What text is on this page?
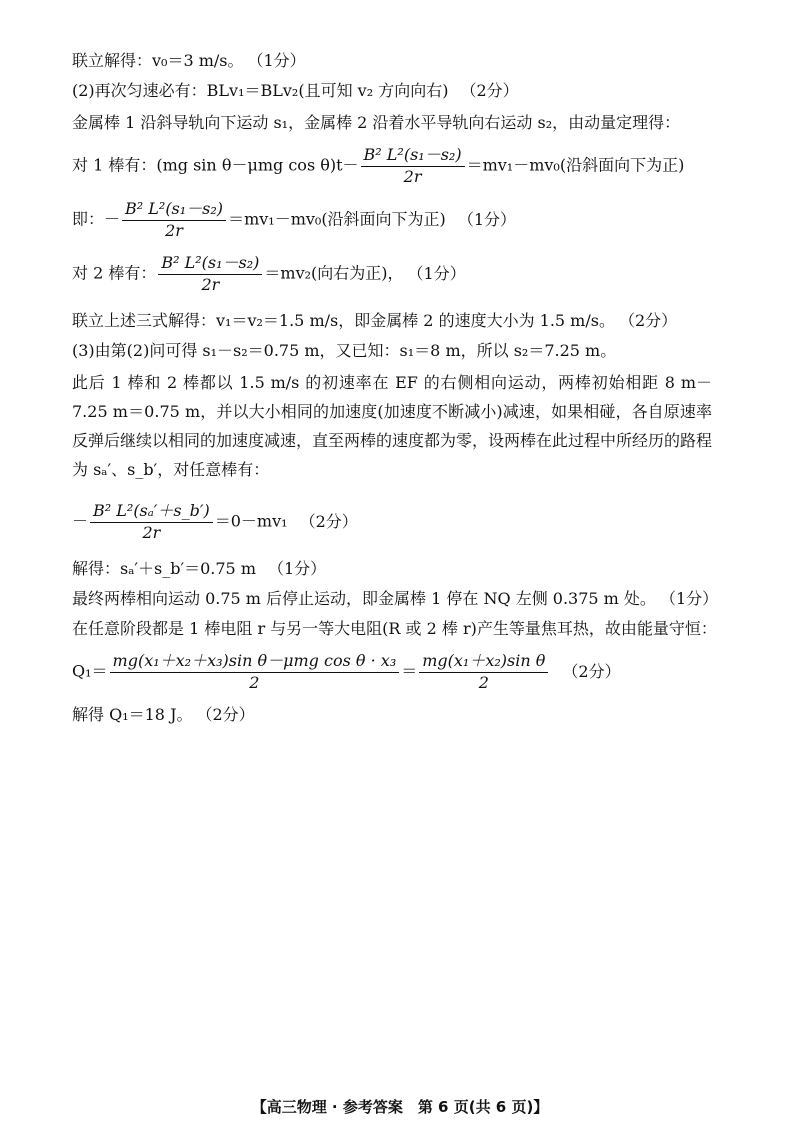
联立解得：v₀＝3 m/s。 （1分）
(2)再次匀速必有：BLv₁＝BLv₂(且可知 v₂ 方向向右) （2分）
金属棒 1 沿斜导轨向下运动 s₁，金属棒 2 沿着水平导轨向右运动 s₂，由动量定理得：
对 1 棒有：(mg sin θ－μmg $\cos \theta)t- \frac{\text{B² L²(s₁－s₂)}}{2r} =mv_1-mv_0$(沿斜面向下为正)
即：－ $\frac{\text{B² L²(s₁－s₂)}}{2r} =mv_1-mv_0$(沿斜面向下为正) （1分）
对 2 棒有： $\frac{\text{B² L²(s₁－s₂)}}{2r} =mv_2$(向右为正)， （1分）
联立上述三式解得：v₁＝v₂＝1.5 m/s，即金属棒 2 的速度大小为 1.5 m/s。 （2分）
(3)由第(2)问可得 s₁－s₂＝0.75 m，又已知：s₁＝8 m，所以 s₂＝7.25 m。
此后 1 棒和 2 棒都以 1.5 m/s 的初速率在 EF 的右侧相向运动，两棒初始相距 8 m－7.25 m＝0.75 m，并以大小相同的加速度(加速度不断减小)减速，如果相碰，各自原速率反弹后继续以相同的加速度减速，直至两棒的速度都为零，设两棒在此过程中所经历的路程为 sₐ′、s_b′，对任意棒有：
－ $\frac{\text{B² L²(sₐ′＋s\_b′)}}{2r} =0-mv_1$ （2分）
解得：sₐ′＋s_b′＝0.75 m （1分）
最终两棒相向运动 0.75 m 后停止运动，即金属棒 1 停在 NQ 左侧 0.375 m 处。 （1分）
在任意阶段都是 1 棒电阻 r 与另一等大电阻(R 或 2 棒 r)产生等量焦耳热，故由能量守恒：
$Q_1= \frac{\text{mg(x₁＋x₂＋x₃)sin θ－μmg cos θ · x₃}}{2} = \frac{\text{mg(x₁＋x₂)sin θ}}{2} (2$分）
解得 Q₁＝18 J。 （2分）
【高三物理 · 参考答案　第 6 页(共 6 页)】
